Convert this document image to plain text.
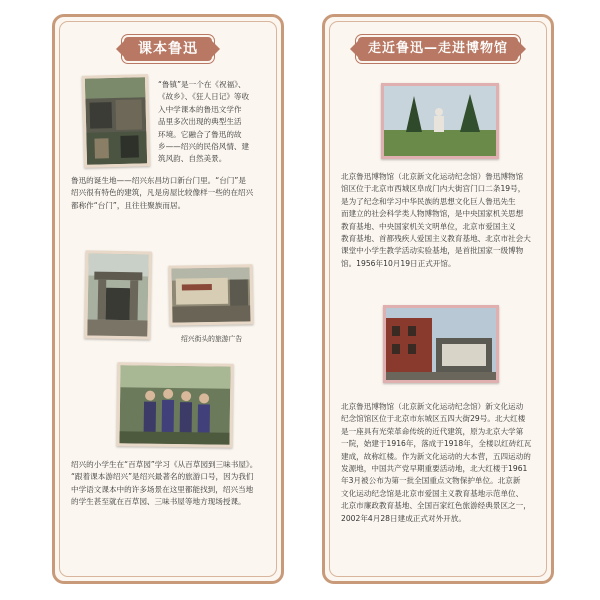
课本鲁迅
“鲁镇”是一个在《祝福》、
《故乡》、《狂人日记》等收
入中学课本的鲁迅文学作
品里多次出现的典型生活
环境。它融合了鲁迅的故
乡——绍兴的民俗风情、建
筑风韵、自然美景。
鲁迅的诞生地——绍兴东昌坊口新台门里。“台门”是
绍兴很有特色的建筑，凡是房屋比较像样一些的在绍兴
都称作“台门”，且往往聚族而居。
绍兴街头的旅游广告
绍兴的小学生在“百草园”学习《从百草园到三味书屋》。
“跟着课本游绍兴”是绍兴最著名的旅游口号，因为我们
中学语文课本中的许多场景在这里都能找到，绍兴当地
的学生甚至就在百草园、三味书屋等地方现场授课。
走近鲁迅—走进博物馆
北京鲁迅博物馆（北京新文化运动纪念馆）鲁迅博物馆
馆区位于北京市西城区阜成门内大街宫门口二条19号，
是为了纪念和学习中华民族的思想文化巨人鲁迅先生
而建立的社会科学类人物博物馆，是中央国家机关思想
教育基地、中央国家机关文明单位，北京市爱国主义
教育基地、首都残疾人爱国主义教育基地、北京市社会大
课堂中小学生教学活动实验基地，是首批国家一级博物
馆。1956年10月19日正式开馆。
北京鲁迅博物馆（北京新文化运动纪念馆）新文化运动
纪念馆馆区位于北京市东城区五四大街29号。北大红楼
是一座具有光荣革命传统的近代建筑，原为北京大学第
一院，始建于1916年，落成于1918年，全楼以红砖红瓦
建成，故称红楼。作为新文化运动的大本营，五四运动的
发源地，中国共产党早期重要活动地，北大红楼于1961
年3月被公布为第一批全国重点文物保护单位。北京新
文化运动纪念馆是北京市爱国主义教育基地示范单位、
北京市廉政教育基地、全国百家红色旅游经典景区之一，
2002年4月28日建成正式对外开放。
